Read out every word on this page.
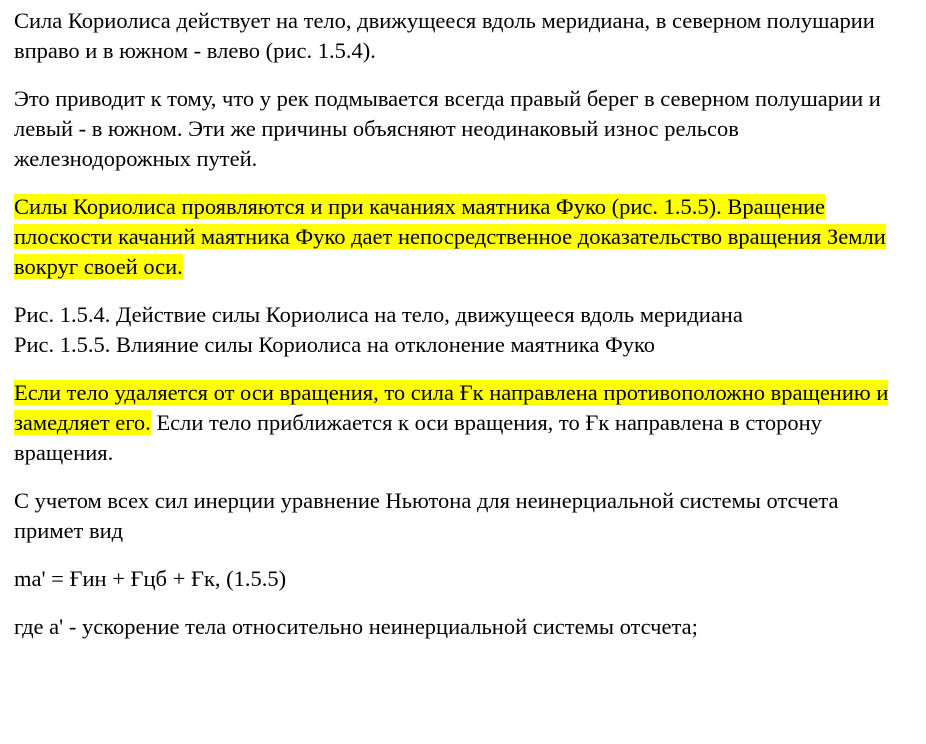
Сила Кориолиса действует на тело, движущееся вдоль меридиана, в северном полушарии вправо и в южном - влево (рис. 1.5.4).

Это приводит к тому, что у рек подмывается всегда правый берег в северном полушарии и левый - в южном. Эти же причины объясняют неодинаковый износ рельсов железнодорожных путей.

Силы Кориолиса проявляются и при качаниях маятника Фуко (рис. 1.5.5). Вращение плоскости качаний маятника Фуко дает непосредственное доказательство вращения Земли вокруг своей оси.

Рис. 1.5.4. Действие силы Кориолиса на тело, движущееся вдоль меридиана

Рис. 1.5.5. Влияние силы Кориолиса на отклонение маятника Фуко

Если тело удаляется от оси вращения, то сила Ғк направлена противоположно вращению и замедляет его. Если тело приближается к оси вращения, то Ғк направлена в сторону вращения.

С учетом всех сил инерции уравнение Ньютона для неинерциальной системы отсчета примет вид

ma' = Ғин + Ғцб + Ғк, (1.5.5)

где a' - ускорение тела относительно неинерциальной системы отсчета;
